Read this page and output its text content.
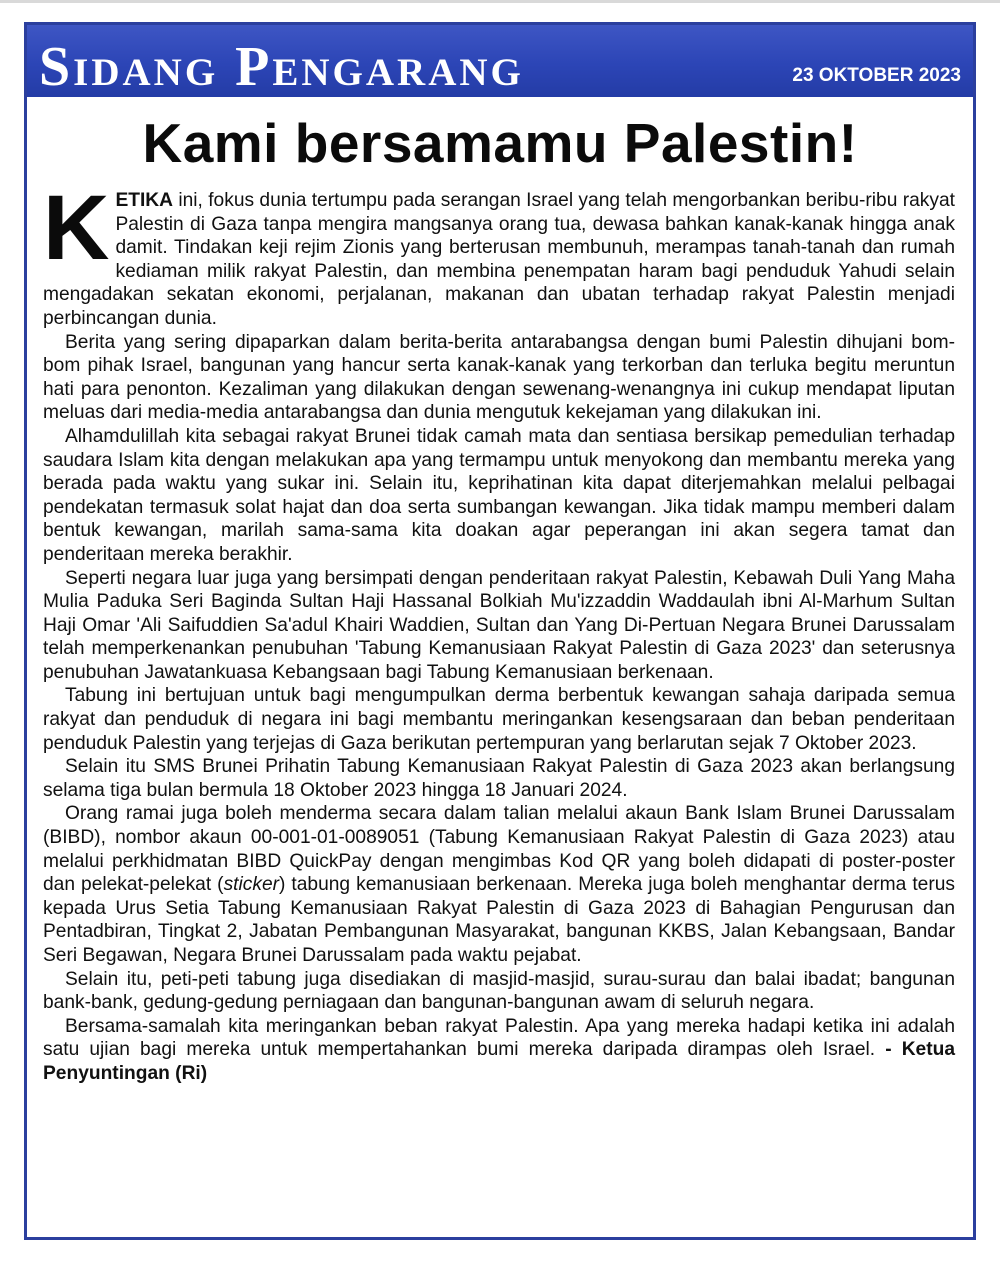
Sidang Pengarang	23 OKTOBER 2023
Kami bersamamu Palestin!

KETIKA ini, fokus dunia tertumpu pada serangan Israel yang telah mengorbankan beribu-ribu rakyat Palestin di Gaza tanpa mengira mangsanya orang tua, dewasa bahkan kanak-kanak hingga anak damit. Tindakan keji rejim Zionis yang berterusan membunuh, merampas tanah-tanah dan rumah kediaman milik rakyat Palestin, dan membina penempatan haram bagi penduduk Yahudi selain mengadakan sekatan ekonomi, perjalanan, makanan dan ubatan terhadap rakyat Palestin menjadi perbincangan dunia.

Berita yang sering dipaparkan dalam berita-berita antarabangsa dengan bumi Palestin dihujani bom-bom pihak Israel, bangunan yang hancur serta kanak-kanak yang terkorban dan terluka begitu meruntun hati para penonton. Kezaliman yang dilakukan dengan sewenang-wenangnya ini cukup mendapat liputan meluas dari media-media antarabangsa dan dunia mengutuk kekejaman yang dilakukan ini.

Alhamdulillah kita sebagai rakyat Brunei tidak camah mata dan sentiasa bersikap pemedulian terhadap saudara Islam kita dengan melakukan apa yang termampu untuk menyokong dan membantu mereka yang berada pada waktu yang sukar ini. Selain itu, keprihatinan kita dapat diterjemahkan melalui pelbagai pendekatan termasuk solat hajat dan doa serta sumbangan kewangan. Jika tidak mampu memberi dalam bentuk kewangan, marilah sama-sama kita doakan agar peperangan ini akan segera tamat dan penderitaan mereka berakhir.

Seperti negara luar juga yang bersimpati dengan penderitaan rakyat Palestin, Kebawah Duli Yang Maha Mulia Paduka Seri Baginda Sultan Haji Hassanal Bolkiah Mu'izzaddin Waddaulah ibni Al-Marhum Sultan Haji Omar 'Ali Saifuddien Sa'adul Khairi Waddien, Sultan dan Yang Di-Pertuan Negara Brunei Darussalam telah memperkenankan penubuhan 'Tabung Kemanusiaan Rakyat Palestin di Gaza 2023' dan seterusnya penubuhan Jawatankuasa Kebangsaan bagi Tabung Kemanusiaan berkenaan.

Tabung ini bertujuan untuk bagi mengumpulkan derma berbentuk kewangan sahaja daripada semua rakyat dan penduduk di negara ini bagi membantu meringankan kesengsaraan dan beban penderitaan penduduk Palestin yang terjejas di Gaza berikutan pertempuran yang berlarutan sejak 7 Oktober 2023.

Selain itu SMS Brunei Prihatin Tabung Kemanusiaan Rakyat Palestin di Gaza 2023 akan berlangsung selama tiga bulan bermula 18 Oktober 2023 hingga 18 Januari 2024.

Orang ramai juga boleh menderma secara dalam talian melalui akaun Bank Islam Brunei Darussalam (BIBD), nombor akaun 00-001-01-0089051 (Tabung Kemanusiaan Rakyat Palestin di Gaza 2023) atau melalui perkhidmatan BIBD QuickPay dengan mengimbas Kod QR yang boleh didapati di poster-poster dan pelekat-pelekat (sticker) tabung kemanusiaan berkenaan. Mereka juga boleh menghantar derma terus kepada Urus Setia Tabung Kemanusiaan Rakyat Palestin di Gaza 2023 di Bahagian Pengurusan dan Pentadbiran, Tingkat 2, Jabatan Pembangunan Masyarakat, bangunan KKBS, Jalan Kebangsaan, Bandar Seri Begawan, Negara Brunei Darussalam pada waktu pejabat.

Selain itu, peti-peti tabung juga disediakan di masjid-masjid, surau-surau dan balai ibadat; bangunan bank-bank, gedung-gedung perniagaan dan bangunan-bangunan awam di seluruh negara.

Bersama-samalah kita meringankan beban rakyat Palestin. Apa yang mereka hadapi ketika ini adalah satu ujian bagi mereka untuk mempertahankan bumi mereka daripada dirampas oleh Israel. - Ketua Penyuntingan (Ri)
